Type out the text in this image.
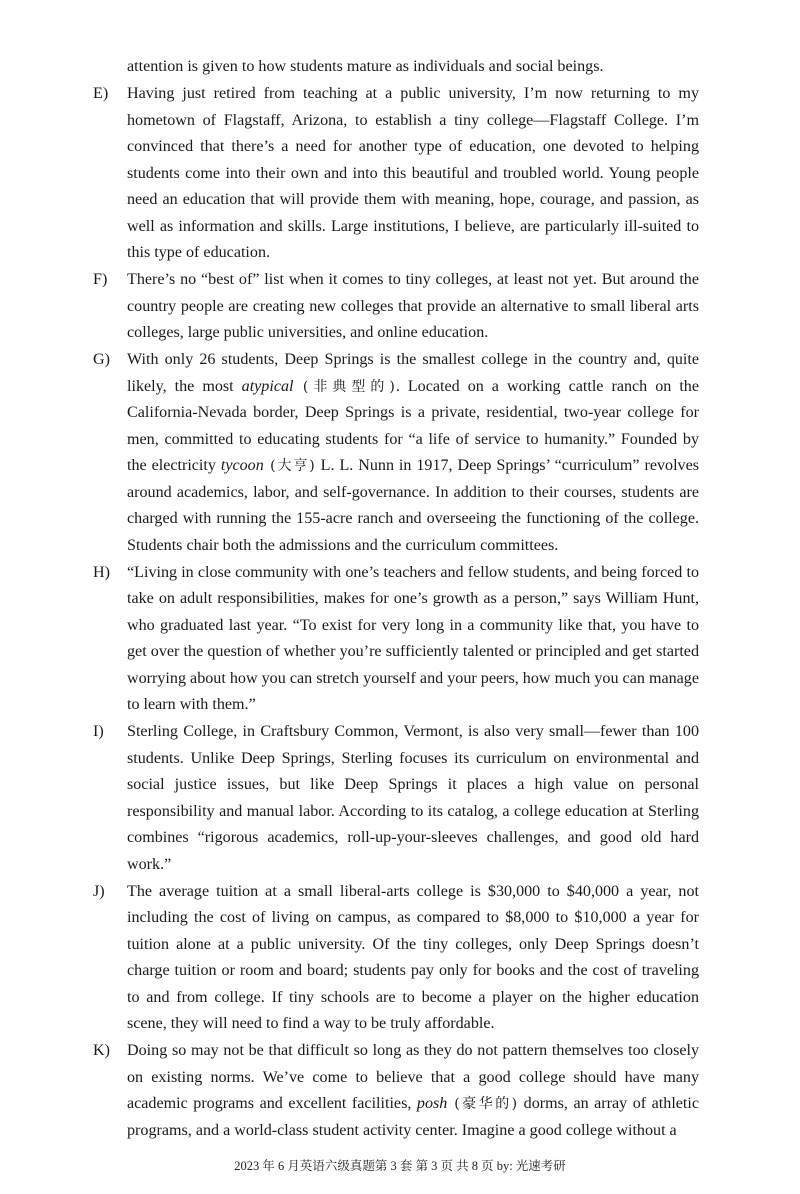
attention is given to how students mature as individuals and social beings.

E) Having just retired from teaching at a public university, I’m now returning to my hometown of Flagstaff, Arizona, to establish a tiny college—Flagstaff College. I’m convinced that there’s a need for another type of education, one devoted to helping students come into their own and into this beautiful and troubled world. Young people need an education that will provide them with meaning, hope, courage, and passion, as well as information and skills. Large institutions, I believe, are particularly ill-suited to this type of education.
F) There’s no “best of” list when it comes to tiny colleges, at least not yet. But around the country people are creating new colleges that provide an alternative to small liberal arts colleges, large public universities, and online education.
G) With only 26 students, Deep Springs is the smallest college in the country and, quite likely, the most atypical (非典型的). Located on a working cattle ranch on the California-Nevada border, Deep Springs is a private, residential, two-year college for men, committed to educating students for “a life of service to humanity.” Founded by the electricity tycoon (大亨) L. L. Nunn in 1917, Deep Springs’ “curriculum” revolves around academics, labor, and self-governance. In addition to their courses, students are charged with running the 155-acre ranch and overseeing the functioning of the college. Students chair both the admissions and the curriculum committees.
H) “Living in close community with one’s teachers and fellow students, and being forced to take on adult responsibilities, makes for one’s growth as a person,” says William Hunt, who graduated last year. “To exist for very long in a community like that, you have to get over the question of whether you’re sufficiently talented or principled and get started worrying about how you can stretch yourself and your peers, how much you can manage to learn with them.”
I) Sterling College, in Craftsbury Common, Vermont, is also very small—fewer than 100 students. Unlike Deep Springs, Sterling focuses its curriculum on environmental and social justice issues, but like Deep Springs it places a high value on personal responsibility and manual labor. According to its catalog, a college education at Sterling combines “rigorous academics, roll-up-your-sleeves challenges, and good old hard work.”
J) The average tuition at a small liberal-arts college is $30,000 to $40,000 a year, not including the cost of living on campus, as compared to $8,000 to $10,000 a year for tuition alone at a public university. Of the tiny colleges, only Deep Springs doesn’t charge tuition or room and board; students pay only for books and the cost of traveling to and from college. If tiny schools are to become a player on the higher education scene, they will need to find a way to be truly affordable.
K) Doing so may not be that difficult so long as they do not pattern themselves too closely on existing norms. We’ve come to believe that a good college should have many academic programs and excellent facilities, posh (豪华的) dorms, an array of athletic programs, and a world-class student activity center. Imagine a good college without a
2023 年 6 月英语六级真题第 3 套 第 3 页 共 8 页 by: 光速考研
